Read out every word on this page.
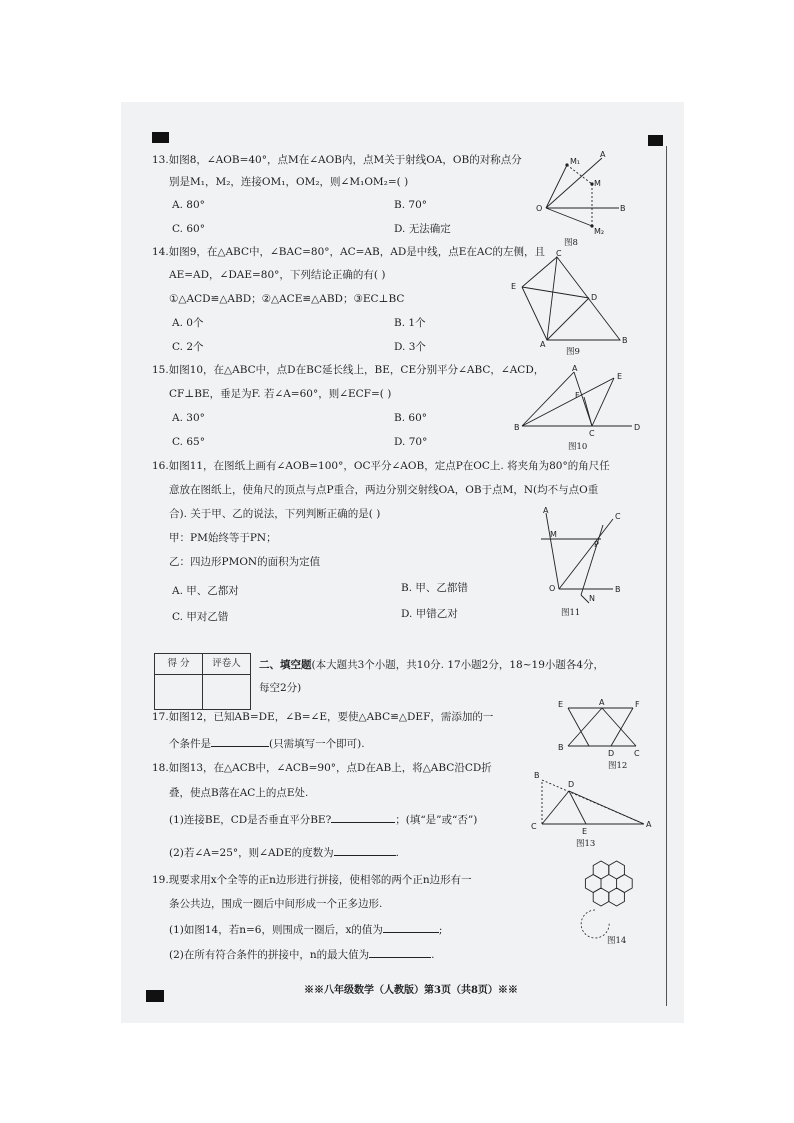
13.如图8，∠AOB=40°，点M在∠AOB内，点M关于射线OA，OB的对称点分
别是M₁，M₂，连接OM₁，OM₂，则∠M₁OM₂=( )
A. 80°	B. 70°
C. 60°	D. 无法确定
M₁
A
M
O	B
M₂
图8
14.如图9，在△ABC中，∠BAC=80°，AC=AB，AD是中线，点E在AC的左侧，且
AE=AD，∠DAE=80°，下列结论正确的有( )
①△ACD≌△ABD；②△ACE≌△ABD；③EC⊥BC
A. 0个	B. 1个
C. 2个	D. 3个
C
E
D
A	B
图9
15.如图10，在△ABC中，点D在BC延长线上，BE，CE分别平分∠ABC，∠ACD，
CF⊥BE，垂足为F. 若∠A=60°，则∠ECF=( )
A. 30°	B. 60°
C. 65°	D. 70°
A
E
F
B
C
D
图10
16.如图11，在图纸上画有∠AOB=100°，OC平分∠AOB，定点P在OC上. 将夹角为80°的角尺任
意放在图纸上，使角尺的顶点与点P重合，两边分别交射线OA，OB于点M，N(均不与点O重
合). 关于甲、乙的说法，下列判断正确的是( )
甲：PM始终等于PN；
乙：四边形PMON的面积为定值
A. 甲、乙都对	B. 甲、乙都错
C. 甲对乙错	D. 甲错乙对
A
C
M
P
O
N
B
图11
得 分	评卷人
	二、填空题(本大题共3个小题，共10分. 17小题2分，18~19小题各4分，
每空2分)
17.如图12，已知AB=DE，∠B=∠E，要使△ABC≌△DEF，需添加的一
个条件是	(只需填写一个即可).
E	A	F
B
D C
图12
18.如图13，在△ACB中，∠ACB=90°，点D在AB上，将△ABC沿CD折
叠，使点B落在AC上的点E处.
(1)连接BE，CD是否垂直平分BE?	；(填“是”或“否”)
(2)若∠A=25°，则∠ADE的度数为	.
B
D
C
E
A
图13
19.现要求用x个全等的正n边形进行拼接，使相邻的两个正n边形有一
条公共边，围成一圈后中间形成一个正多边形.
(1)如图14，若n=6，则围成一圈后，x的值为	;
(2)在所有符合条件的拼接中，n的最大值为	.
图14
※※八年级数学（人教版）第3页（共8页）※※
